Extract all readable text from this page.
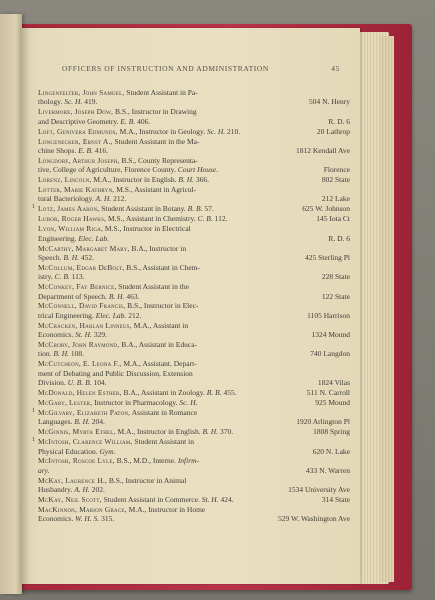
OFFICERS OF INSTRUCTION AND ADMINISTRATION	45
Lingenfelter, John Samuel, Student Assistant in Pa-
thology. Sc. H. 419.	504 N. Henry
Livermore, Joseph Dow, B.S., Instructor in Drawing
and Descriptive Geometry. E. B. 406.	R. D. 6
Loft, Genivera Edmunds, M.A., Instructor in Geology. Sc. H. 210.	20 Lathrop
Longenecker, Ernst A., Student Assistant in the Ma-
chine Shops. E. B. 416.	1812 Kendall Ave
Longdorf, Arthur Joseph, B.S., County Representa-
tive, College of Agriculture, Florence County. Court House.	Florence
Lorenz, Lincoln, M.A., Instructor in English. B. H. 366.	802 State
Lotter, Marie Kathryn, M.S., Assistant in Agricul-
tural Bacteriology. A. H. 212.	212 Lake
Lotz, James Aaron, Student Assistant in Botany. B. B. 57.	625 W. Johnson
Lubor, Roger Hawks, M.S., Assistant in Chemistry. C. B. 112.	145 Iota Ct
Lyon, William Riga, M.S., Instructor in Electrical
Engineering. Elec. Lab.	R. D. 6
McCarthy, Margaret Mary, B.A., Instructor in
Speech. B. H. 452.	425 Sterling Pl
McCollum, Edgar DeBolt, B.S., Assistant in Chem-
istry. C. B. 113.	228 State
McConkey, Fay Bernice, Student Assistant in the
Department of Speech. B. H. 463.	122 State
McConnell, David Francis, B.S., Instructor in Elec-
trical Engineering. Elec. Lab. 212.	1105 Harrison
McCracken, Harlan Linneus, M.A., Assistant in
Economics. St. H. 329.	1324 Mound
McCrory, John Raymond, B.A., Assistant in Educa-
tion. B. H. 108.	740 Langdon
McCutcheon, E. Leona F., M.A., Assistant, Depart-
ment of Debating and Public Discussion, Extension
Division. U. B. B. 104.	1824 Vilas
McDonald, Helen Esther, B.A., Assistant in Zoology. B. B. 455.	511 N. Carroll
McGary, Lester, Instructor in Pharmacology. Sc. H.	925 Mound
McGilvary, Elizabeth Paton, Assistant in Romance
Languages. B. H. 204.	1920 Arlington Pl
McGinnis, Myrta Ethel, M.A., Instructor in English. B. H. 370.	1808 Spring
McIntosh, Clarence William, Student Assistant in
Physical Education. Gym.	620 N. Lake
McIntosh, Roscoe Lyle, B.S., M.D., Interne. Infirm-
ary.	433 N. Warren
McKay, Laurence H., B.S., Instructor in Animal
Husbandry. A. H. 202.	1534 University Ave
McKay, Neil Scott, Student Assistant in Commerce. St. H. 424.	314 State
MacKinnon, Marion Grace, M.A., Instructor in Home
Economics. W. H. S. 315.	529 W. Washington Ave
